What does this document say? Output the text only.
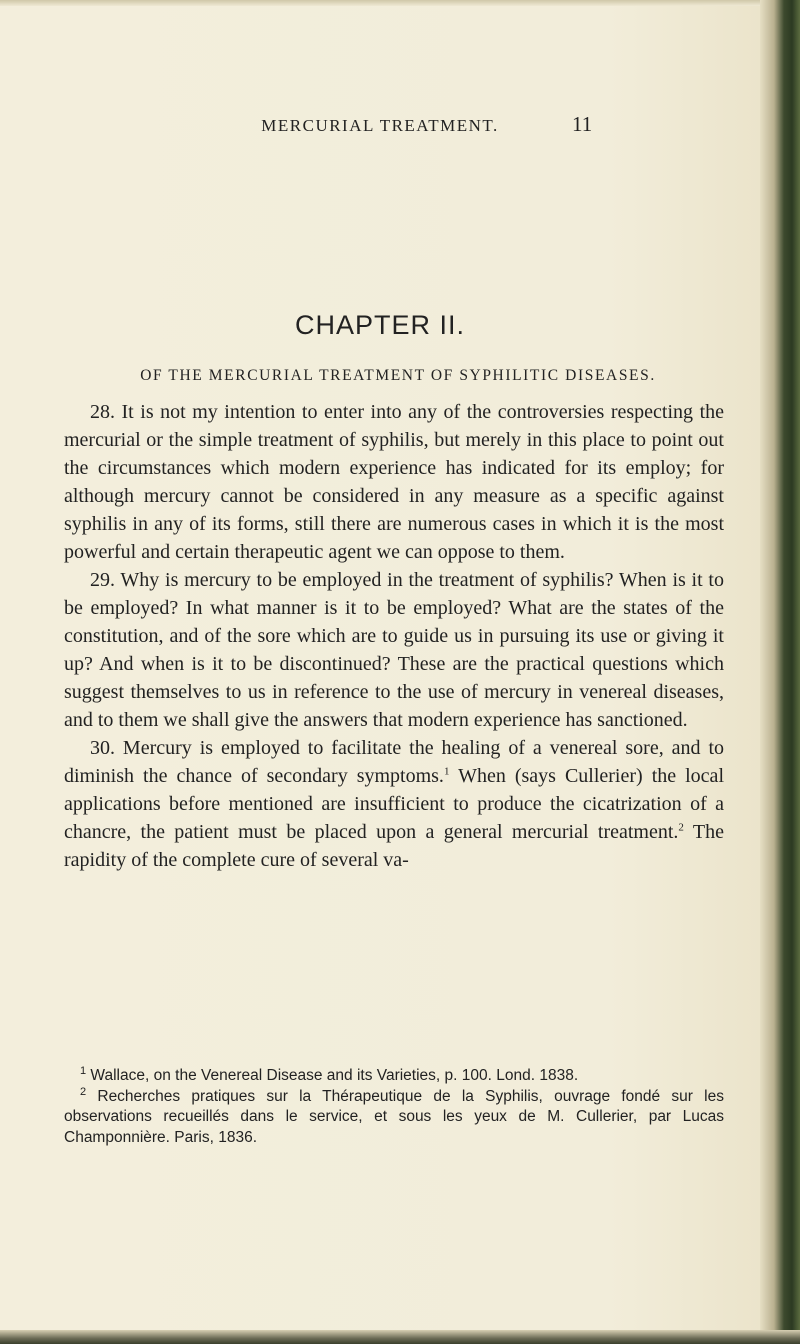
MERCURIAL TREATMENT.	11
CHAPTER II.
OF THE MERCURIAL TREATMENT OF SYPHILITIC DISEASES.

28. It is not my intention to enter into any of the controversies respecting the mercurial or the simple treatment of syphilis, but merely in this place to point out the circumstances which modern experience has indicated for its employ; for although mercury cannot be considered in any measure as a specific against syphilis in any of its forms, still there are numerous cases in which it is the most powerful and certain therapeutic agent we can oppose to them.

29. Why is mercury to be employed in the treatment of syphilis? When is it to be employed? In what manner is it to be employed? What are the states of the constitution, and of the sore which are to guide us in pursuing its use or giving it up? And when is it to be discontinued? These are the practical questions which suggest themselves to us in reference to the use of mercury in venereal diseases, and to them we shall give the answers that modern experience has sanctioned.

30. Mercury is employed to facilitate the healing of a venereal sore, and to diminish the chance of secondary symptoms.$^1$ When (says Cullerier) the local applications before mentioned are insufficient to produce the cicatrization of a chancre, the patient must be placed upon a general mercurial treatment.$^2$ The rapidity of the complete cure of several va-

$^1$ Wallace, on the Venereal Disease and its Varieties, p. 100. Lond. 1838.

$^2$ Recherches pratiques sur la Thérapeutique de la Syphilis, ouvrage fondé sur les observations recueillés dans le service, et sous les yeux de M. Cullerier, par Lucas Champonnière. Paris, 1836.
